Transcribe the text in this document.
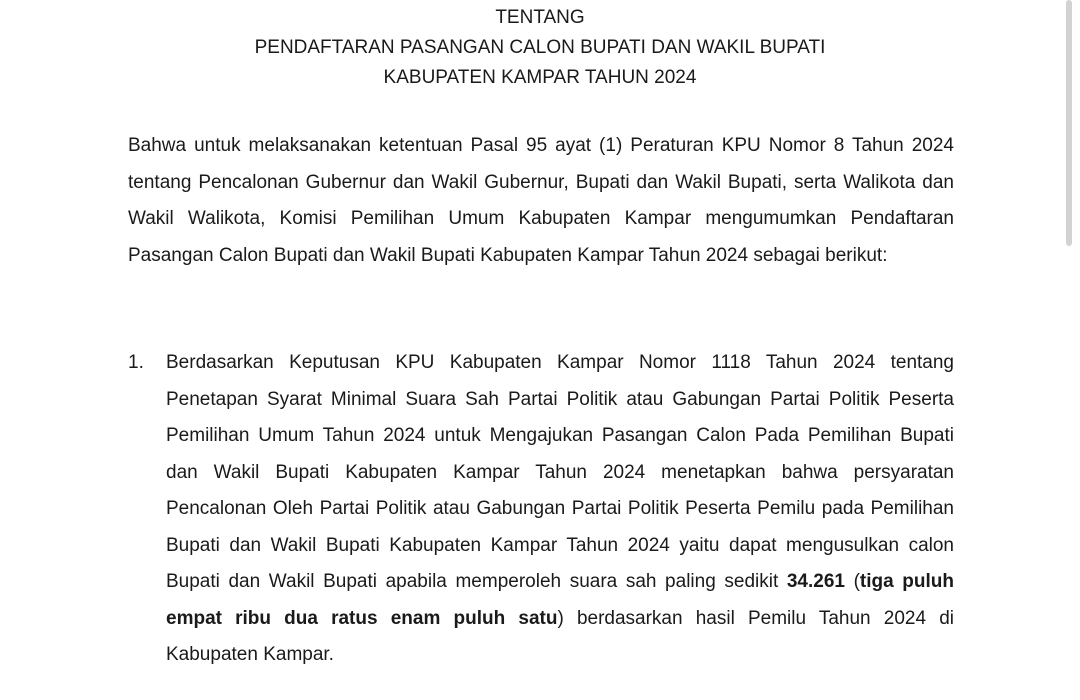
TENTANG
PENDAFTARAN PASANGAN CALON BUPATI DAN WAKIL BUPATI
KABUPATEN KAMPAR TAHUN 2024
Bahwa untuk melaksanakan ketentuan Pasal 95 ayat (1) Peraturan KPU Nomor 8 Tahun 2024 tentang Pencalonan Gubernur dan Wakil Gubernur, Bupati dan Wakil Bupati, serta Walikota dan Wakil Walikota, Komisi Pemilihan Umum Kabupaten Kampar mengumumkan Pendaftaran Pasangan Calon Bupati dan Wakil Bupati Kabupaten Kampar Tahun 2024 sebagai berikut:
1. Berdasarkan Keputusan KPU Kabupaten Kampar Nomor 1118 Tahun 2024 tentang Penetapan Syarat Minimal Suara Sah Partai Politik atau Gabungan Partai Politik Peserta Pemilihan Umum Tahun 2024 untuk Mengajukan Pasangan Calon Pada Pemilihan Bupati dan Wakil Bupati Kabupaten Kampar Tahun 2024 menetapkan bahwa persyaratan Pencalonan Oleh Partai Politik atau Gabungan Partai Politik Peserta Pemilu pada Pemilihan Bupati dan Wakil Bupati Kabupaten Kampar Tahun 2024 yaitu dapat mengusulkan calon Bupati dan Wakil Bupati apabila memperoleh suara sah paling sedikit 34.261 (tiga puluh empat ribu dua ratus enam puluh satu) berdasarkan hasil Pemilu Tahun 2024 di Kabupaten Kampar.
